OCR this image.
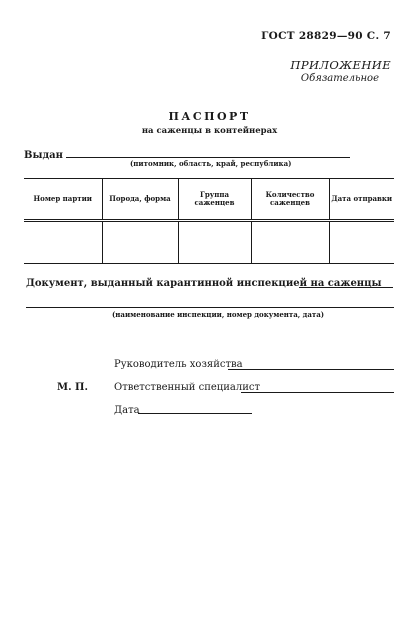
ГОСТ 28829—90 С. 7
ПРИЛОЖЕНИЕ
Обязательное
ПАСПОРТ
на саженцы в контейнерах
Выдан
(питомник, область, край, республика)
Номер партии	Порода, форма	Группа саженцев	Количество саженцев	Дата отправки

Документ, выданный карантинной инспекцией на саженцы
(наименование инспекции, номер документа, дата)
Руководитель хозяйства
М. П.	Ответственный специалист
Дата
